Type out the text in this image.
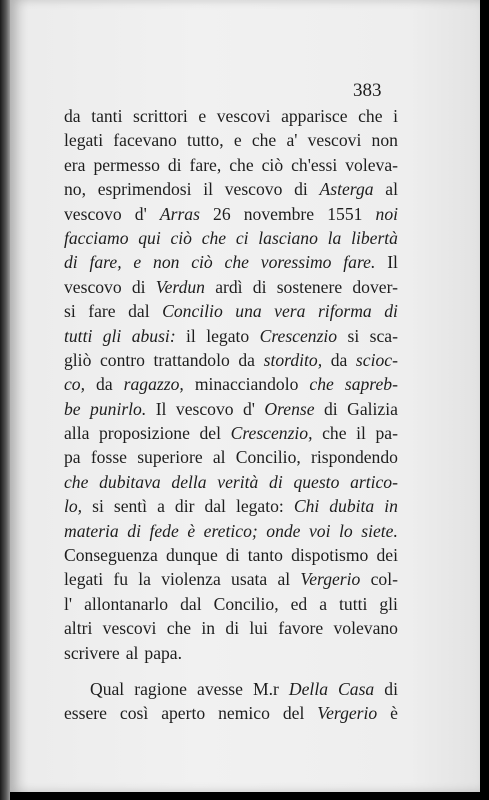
383

da tanti scrittori e vescovi apparisce che i
legati facevano tutto, e che a' vescovi non
era permesso di fare, che ciò ch'essi voleva-
no, esprimendosi il vescovo di Asterga al
vescovo d' Arras 26 novembre 1551 noi
facciamo qui ciò che ci lasciano la libertà
di fare, e non ciò che voressimo fare. Il
vescovo di Verdun ardì di sostenere dover-
si fare dal Concilio una vera riforma di
tutti gli abusi: il legato Crescenzio si sca-
gliò contro trattandolo da stordito, da scioc-
co, da ragazzo, minacciandolo che sapreb-
be punirlo. Il vescovo d' Orense di Galizia
alla proposizione del Crescenzio, che il pa-
pa fosse superiore al Concilio, rispondendo
che dubitava della verità di questo artico-
lo, si sentì a dir dal legato: Chi dubita in
materia di fede è eretico; onde voi lo siete.
Conseguenza dunque di tanto dispotismo dei
legati fu la violenza usata al Vergerio col-
l' allontanarlo dal Concilio, ed a tutti gli
altri vescovi che in di lui favore volevano
scrivere al papa.
Qual ragione avesse M.r Della Casa di
essere così aperto nemico del Vergerio è
